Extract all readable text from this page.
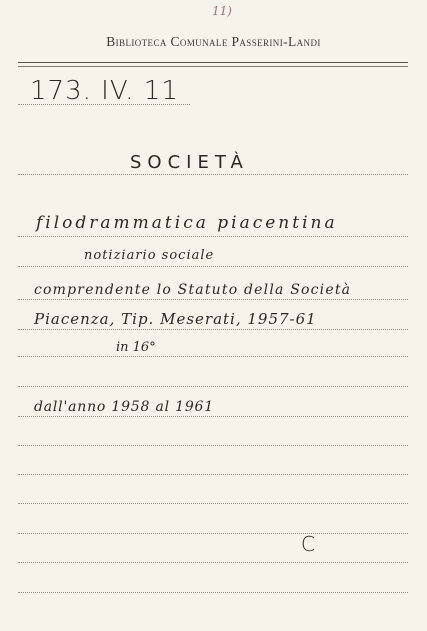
11)
Biblioteca Comunale Passerini-Landi
173. IV. 11
SOCIETÀ
filodrammatica piacentina
notiziario sociale
comprendente lo Statuto della Società
Piacenza, Tip. Meserati, 1957-61
in 16°
dall'anno 1958 al 1961
C
